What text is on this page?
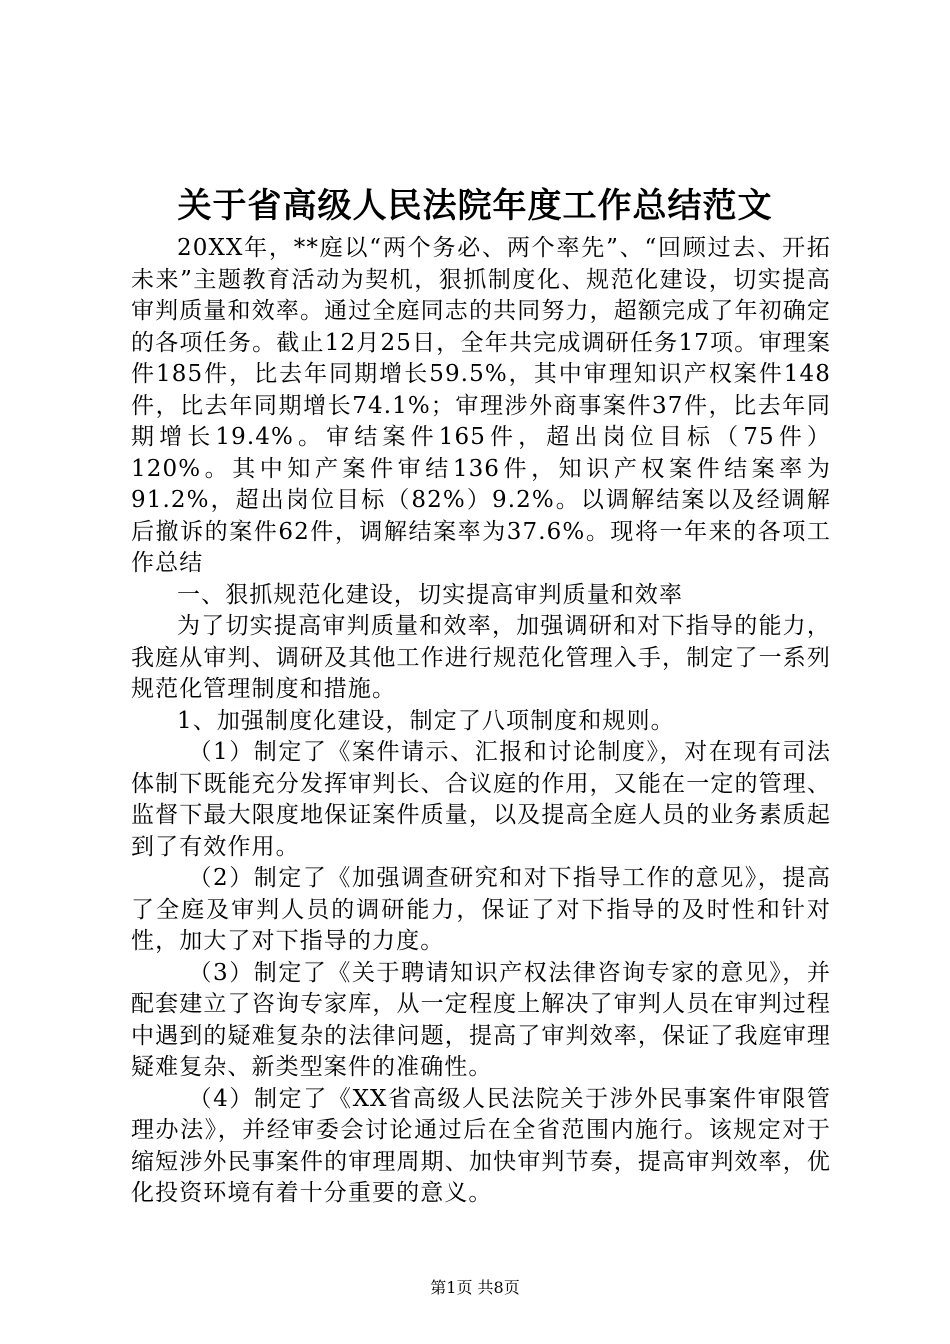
关于省高级人民法院年度工作总结范文

20XX年，**庭以“两个务必、两个率先”、“回顾过去、开拓未来”主题教育活动为契机，狠抓制度化、规范化建设，切实提高审判质量和效率。通过全庭同志的共同努力，超额完成了年初确定的各项任务。截止12月25日，全年共完成调研任务17项。审理案件185件，比去年同期增长59.5%，其中审理知识产权案件148件，比去年同期增长74.1%；审理涉外商事案件37件，比去年同期增长19.4%。审结案件165件，超出岗位目标（75件）120%。其中知产案件审结136件，知识产权案件结案率为91.2%，超出岗位目标（82%）9.2%。以调解结案以及经调解后撤诉的案件62件，调解结案率为37.6%。现将一年来的各项工作总结

一、狠抓规范化建设，切实提高审判质量和效率

为了切实提高审判质量和效率，加强调研和对下指导的能力，我庭从审判、调研及其他工作进行规范化管理入手，制定了一系列规范化管理制度和措施。

1、加强制度化建设，制定了八项制度和规则。

（1）制定了《案件请示、汇报和讨论制度》，对在现有司法体制下既能充分发挥审判长、合议庭的作用，又能在一定的管理、监督下最大限度地保证案件质量，以及提高全庭人员的业务素质起到了有效作用。

（2）制定了《加强调查研究和对下指导工作的意见》，提高了全庭及审判人员的调研能力，保证了对下指导的及时性和针对性，加大了对下指导的力度。

（3）制定了《关于聘请知识产权法律咨询专家的意见》，并配套建立了咨询专家库，从一定程度上解决了审判人员在审判过程中遇到的疑难复杂的法律问题，提高了审判效率，保证了我庭审理疑难复杂、新类型案件的准确性。

（4）制定了《XX省高级人民法院关于涉外民事案件审限管理办法》，并经审委会讨论通过后在全省范围内施行。该规定对于缩短涉外民事案件的审理周期、加快审判节奏，提高审判效率，优化投资环境有着十分重要的意义。

第1页 共8页
